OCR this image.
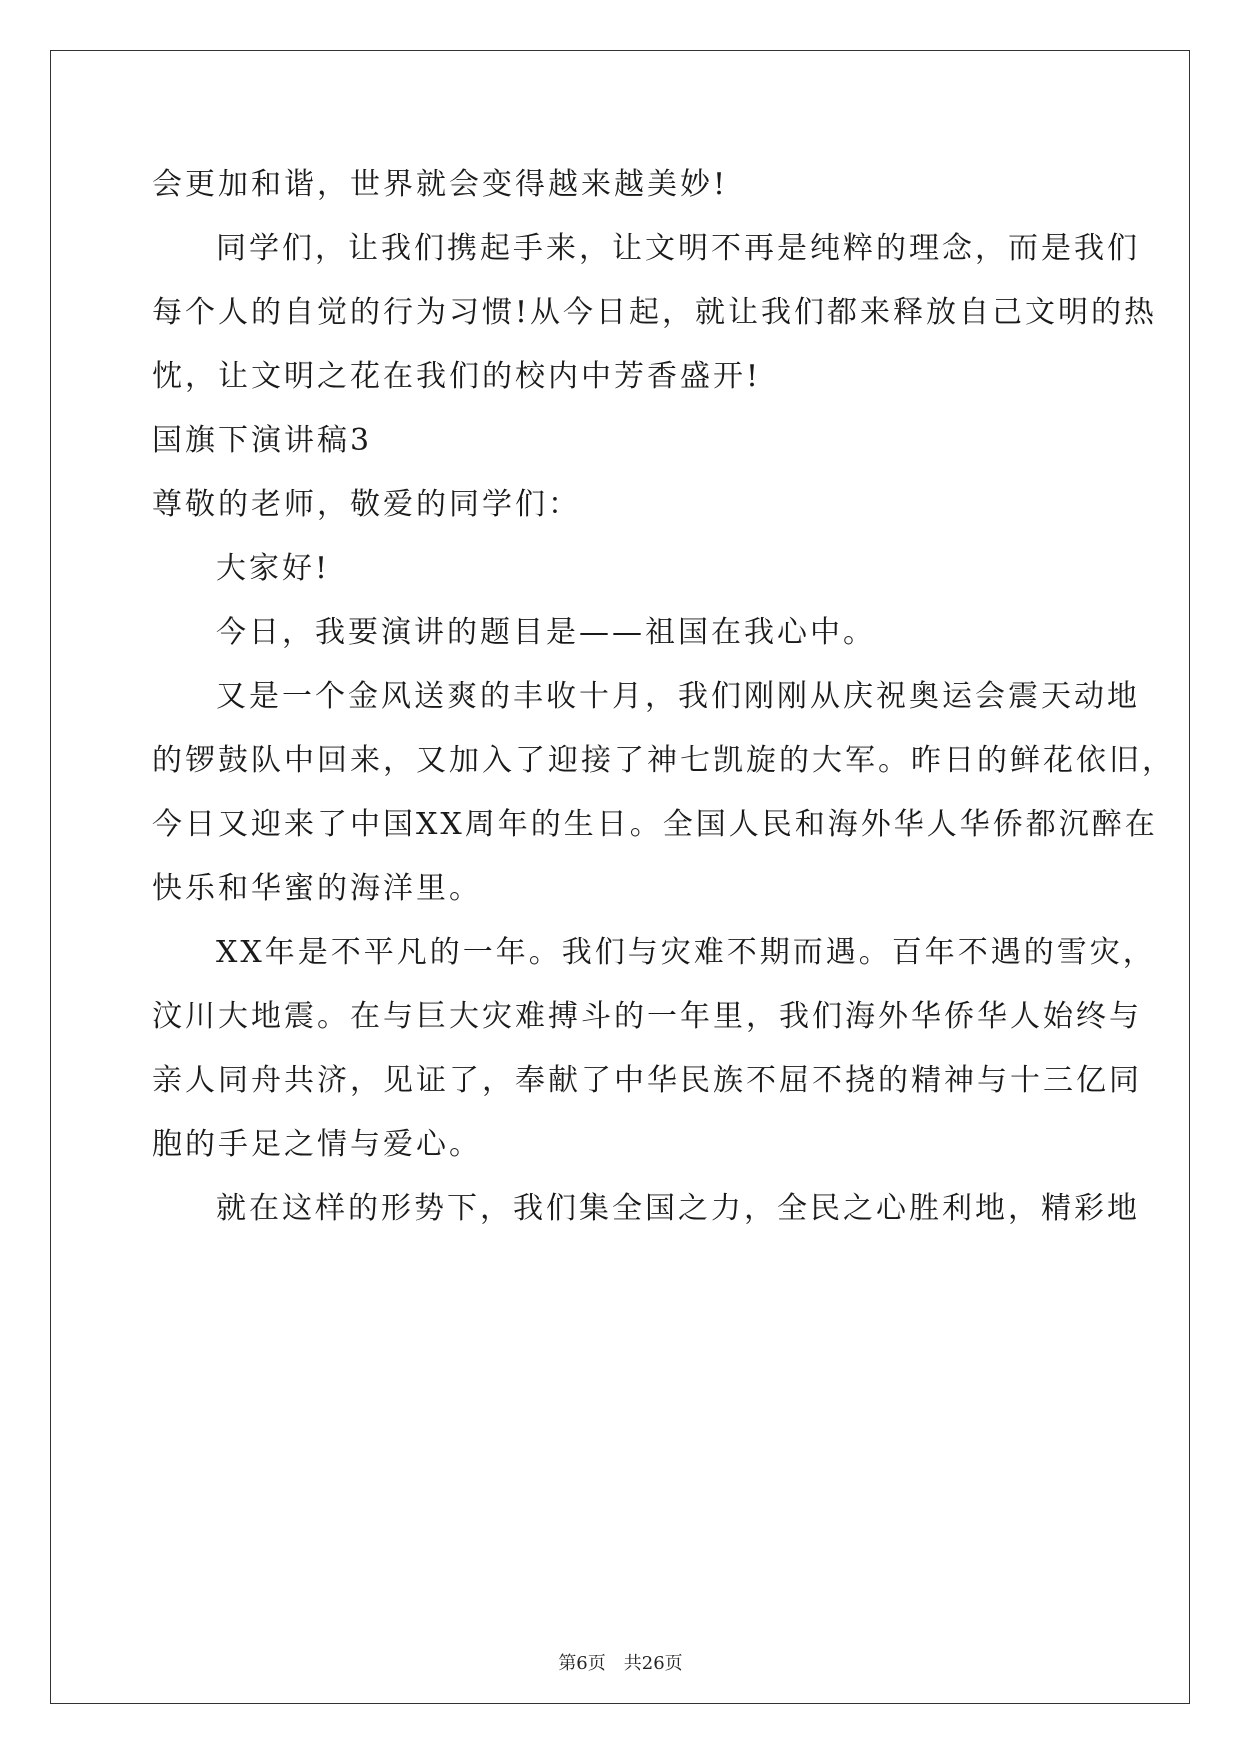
会更加和谐，世界就会变得越来越美妙!
同学们，让我们携起手来，让文明不再是纯粹的理念，而是我们
每个人的自觉的行为习惯!从今日起，就让我们都来释放自己文明的热
忱，让文明之花在我们的校内中芳香盛开!
国旗下演讲稿3
尊敬的老师，敬爱的同学们：
大家好!
今日，我要演讲的题目是——祖国在我心中。
又是一个金风送爽的丰收十月，我们刚刚从庆祝奥运会震天动地
的锣鼓队中回来，又加入了迎接了神七凯旋的大军。昨日的鲜花依旧，
今日又迎来了中国XX周年的生日。全国人民和海外华人华侨都沉醉在
快乐和华蜜的海洋里。
XX年是不平凡的一年。我们与灾难不期而遇。百年不遇的雪灾，
汶川大地震。在与巨大灾难搏斗的一年里，我们海外华侨华人始终与
亲人同舟共济，见证了，奉献了中华民族不屈不挠的精神与十三亿同
胞的手足之情与爱心。
就在这样的形势下，我们集全国之力，全民之心胜利地，精彩地
第6页 共26页
